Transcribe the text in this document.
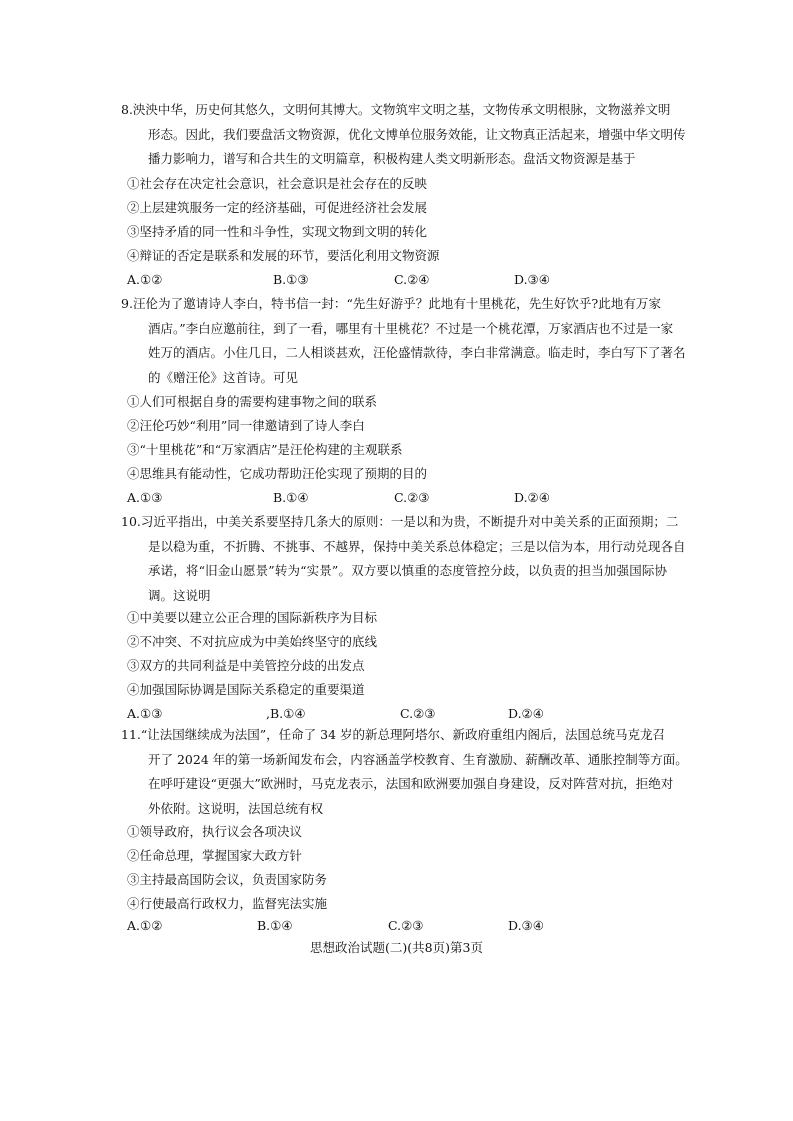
8.泱泱中华，历史何其悠久，文明何其博大。文物筑牢文明之基，文物传承文明根脉，文物滋养文明
形态。因此，我们要盘活文物资源，优化文博单位服务效能，让文物真正活起来，增强中华文明传
播力影响力，谱写和合共生的文明篇章，积极构建人类文明新形态。盘活文物资源是基于
①社会存在决定社会意识，社会意识是社会存在的反映
②上层建筑服务一定的经济基础，可促进经济社会发展
③坚持矛盾的同一性和斗争性，实现文物到文明的转化
④辩证的否定是联系和发展的环节，要活化利用文物资源
A.①②	B.①③	C.②④	D.③④
9.汪伦为了邀请诗人李白，特书信一封：“先生好游乎？此地有十里桃花，先生好饮乎?此地有万家
酒店。”李白应邀前往，到了一看，哪里有十里桃花？不过是一个桃花潭，万家酒店也不过是一家
姓万的酒店。小住几日，二人相谈甚欢，汪伦盛情款待，李白非常满意。临走时，李白写下了著名
的《赠汪伦》这首诗。可见
①人们可根据自身的需要构建事物之间的联系
②汪伦巧妙“利用”同一律邀请到了诗人李白
③“十里桃花”和“万家酒店”是汪伦构建的主观联系
④思维具有能动性，它成功帮助汪伦实现了预期的目的
A.①③	B.①④	C.②③	D.②④
10.习近平指出，中美关系要坚持几条大的原则：一是以和为贵，不断提升对中美关系的正面预期；二
是以稳为重，不折腾、不挑事、不越界，保持中美关系总体稳定；三是以信为本，用行动兑现各自
承诺，将“旧金山愿景”转为“实景”。双方要以慎重的态度管控分歧，以负责的担当加强国际协
调。这说明
①中美要以建立公正合理的国际新秩序为目标
②不冲突、不对抗应成为中美始终坚守的底线
③双方的共同利益是中美管控分歧的出发点
④加强国际协调是国际关系稳定的重要渠道
A.①③	,B.①④	C.②③	D.②④
11.“让法国继续成为法国”，任命了 34 岁的新总理阿塔尔、新政府重组内阁后，法国总统马克龙召
开了 2024 年的第一场新闻发布会，内容涵盖学校教育、生育激励、薪酬改革、通胀控制等方面。
在呼吁建设“更强大”欧洲时，马克龙表示，法国和欧洲要加强自身建设，反对阵营对抗，拒绝对
外依附。这说明，法国总统有权
①领导政府，执行议会各项决议
②任命总理，掌握国家大政方针
③主持最高国防会议，负责国家防务
④行使最高行政权力，监督宪法实施
A.①②	B.①④	C.②③	D.③④
思想政治试题(二)(共8页)第3页
